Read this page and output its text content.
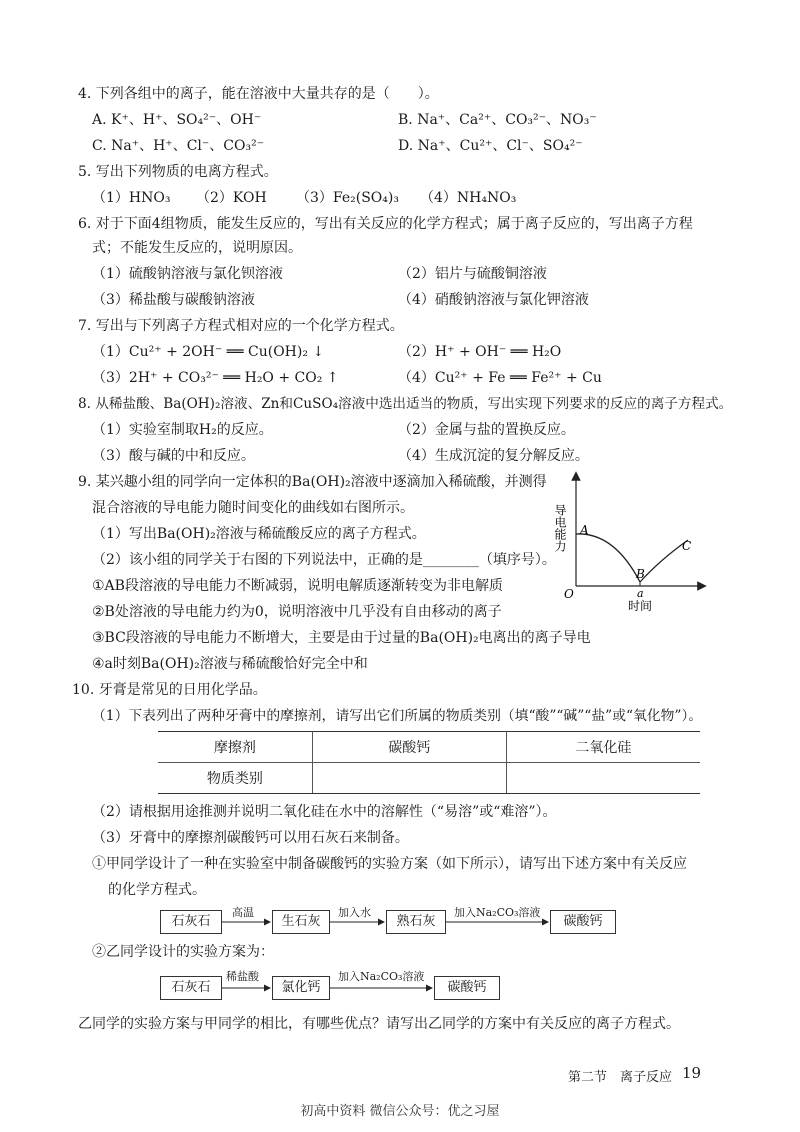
4. 下列各组中的离子，能在溶液中大量共存的是（　　）。
A. K⁺、H⁺、SO₄²⁻、OH⁻	B. Na⁺、Ca²⁺、CO₃²⁻、NO₃⁻
C. Na⁺、H⁺、Cl⁻、CO₃²⁻	D. Na⁺、Cu²⁺、Cl⁻、SO₄²⁻
5. 写出下列物质的电离方程式。
（1）HNO₃ （2）KOH （3）Fe₂(SO₄)₃ （4）NH₄NO₃
6. 对于下面4组物质，能发生反应的，写出有关反应的化学方程式；属于离子反应的，写出离子方程
式；不能发生反应的，说明原因。
（1）硫酸钠溶液与氯化钡溶液	（2）铝片与硫酸铜溶液
（3）稀盐酸与碳酸钠溶液	（4）硝酸钠溶液与氯化钾溶液
7. 写出与下列离子方程式相对应的一个化学方程式。
（1）Cu²⁺ + 2OH⁻ ══ Cu(OH)₂ ↓	（2）H⁺ + OH⁻ ══ H₂O
（3）2H⁺ + CO₃²⁻ ══ H₂O + CO₂ ↑	（4）Cu²⁺ + Fe ══ Fe²⁺ + Cu
8. 从稀盐酸、Ba(OH)₂溶液、Zn和CuSO₄溶液中选出适当的物质，写出实现下列要求的反应的离子方程式。
（1）实验室制取H₂的反应。	（2）金属与盐的置换反应。
（3）酸与碱的中和反应。	（4）生成沉淀的复分解反应。
9. 某兴趣小组的同学向一定体积的Ba(OH)₂溶液中逐滴加入稀硫酸，并测得
混合溶液的导电能力随时间变化的曲线如右图所示。
（1）写出Ba(OH)₂溶液与稀硫酸反应的离子方程式。
（2）该小组的同学关于右图的下列说法中，正确的是________（填序号）。
①AB段溶液的导电能力不断减弱，说明电解质逐渐转变为非电解质
②B处溶液的导电能力约为0，说明溶液中几乎没有自由移动的离子
③BC段溶液的导电能力不断增大，主要是由于过量的Ba(OH)₂电离出的离子导电
④a时刻Ba(OH)₂溶液与稀硫酸恰好完全中和
导电能力 A
B
C
O	a
时间
10. 牙膏是常见的日用化学品。
（1）下表列出了两种牙膏中的摩擦剂，请写出它们所属的物质类别（填“酸”“碱”“盐”或“氧化物”）。
摩擦剂	碳酸钙	二氧化硅
物质类别		
（2）请根据用途推测并说明二氧化硅在水中的溶解性（“易溶”或“难溶”）。
（3）牙膏中的摩擦剂碳酸钙可以用石灰石来制备。
①甲同学设计了一种在实验室中制备碳酸钙的实验方案（如下所示），请写出下述方案中有关反应
的化学方程式。
石灰石
高温
生石灰
加入水
熟石灰
加入Na₂CO₃溶液
碳酸钙
②乙同学设计的实验方案为：
石灰石
稀盐酸
氯化钙
加入Na₂CO₃溶液
碳酸钙
乙同学的实验方案与甲同学的相比，有哪些优点？请写出乙同学的方案中有关反应的离子方程式。
第二节　离子反应 19
初高中资料 微信公众号：优之习屋
